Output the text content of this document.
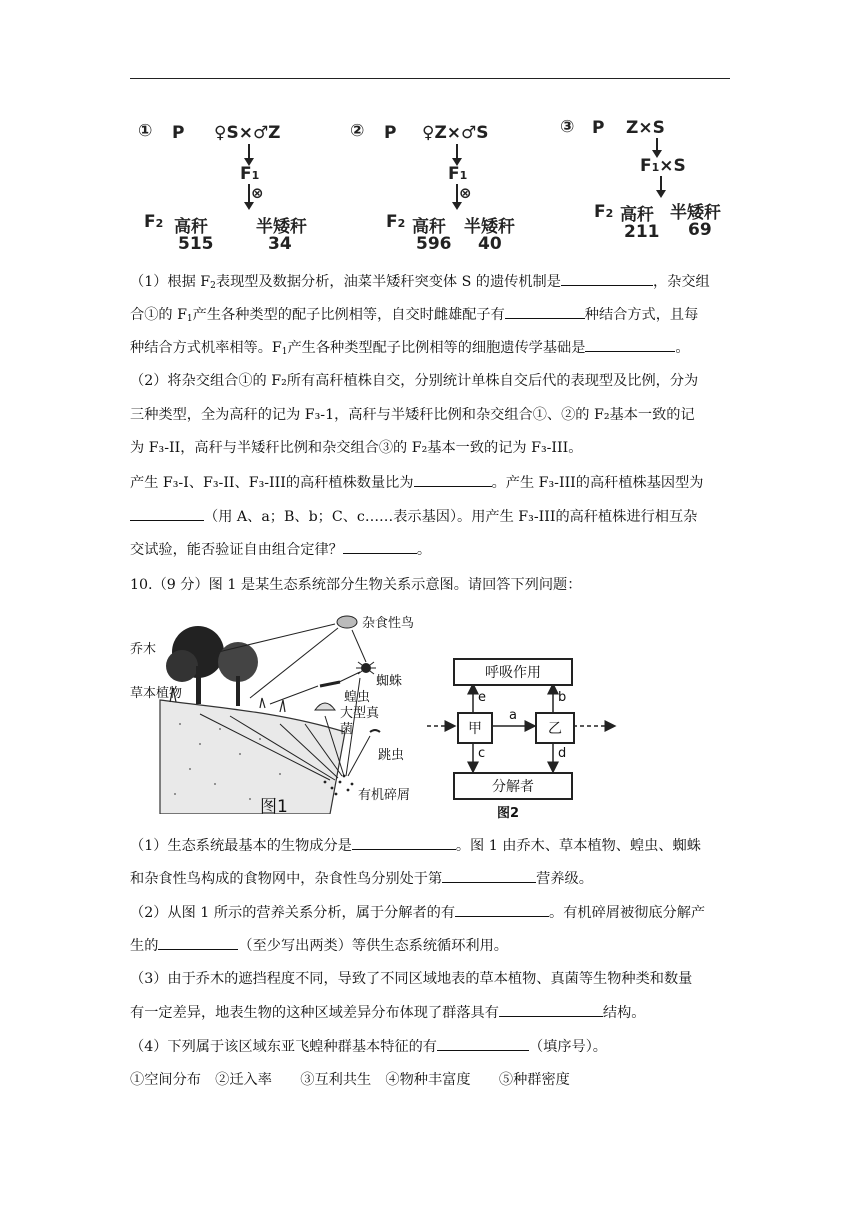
① P ♀S×♂Z
F1
⊗
F2 高秆	半矮秆
515	34
② P ♀Z×♂S
F1
⊗
F2 高秆 半矮秆
596 40
③ P Z×S
F1×S
F2 高秆 半矮秆
211 69
（1）根据 $F_2$表现型及数据分析，油菜半矮秆突变体 S 的遗传机制是	，杂交组
合①的 $F_1$产生各种类型的配子比例相等，自交时雌雄配子有	种结合方式，且每
种结合方式机率相等。$F_1$产生各种类型配子比例相等的细胞遗传学基础是	。
（2）将杂交组合①的 F₂所有高秆植株自交，分别统计单株自交后代的表现型及比例，分为
三种类型，全为高秆的记为 F₃-1，高秆与半矮秆比例和杂交组合①、②的 F₂基本一致的记
为 F₃-II，高秆与半矮秆比例和杂交组合③的 F₂基本一致的记为 F₃-III。
产生 F₃-I、F₃-II、F₃-III的高秆植株数量比为	。产生 F₃-III的高秆植株基因型为
（用 A、a；B、b；C、c……表示基因）。用产生 F₃-III的高秆植株进行相互杂
交试验，能否验证自由组合定律？	。
10.（9 分）图 1 是某生态系统部分生物关系示意图。请回答下列问题：
乔木
杂食性鸟
草本植物
蜘蛛
蝗虫
大型真
菌
跳虫
有机碎屑
图1
呼吸作用
甲	乙
分解者
a
b
c	d
e
图2
（1）生态系统最基本的生物成分是	。图 1 由乔木、草本植物、蝗虫、蜘蛛
和杂食性鸟构成的食物网中，杂食性鸟分别处于第	营养级。
（2）从图 1 所示的营养关系分析，属于分解者的有	。有机碎屑被彻底分解产
生的	（至少写出两类）等供生态系统循环利用。
（3）由于乔木的遮挡程度不同，导致了不同区域地表的草本植物、真菌等生物种类和数量
有一定差异，地表生物的这种区域差异分布体现了群落具有	结构。
（4）下列属于该区域东亚飞蝗种群基本特征的有	（填序号）。
①空间分布　②迁入率　　③互利共生　④物种丰富度　　⑤种群密度
